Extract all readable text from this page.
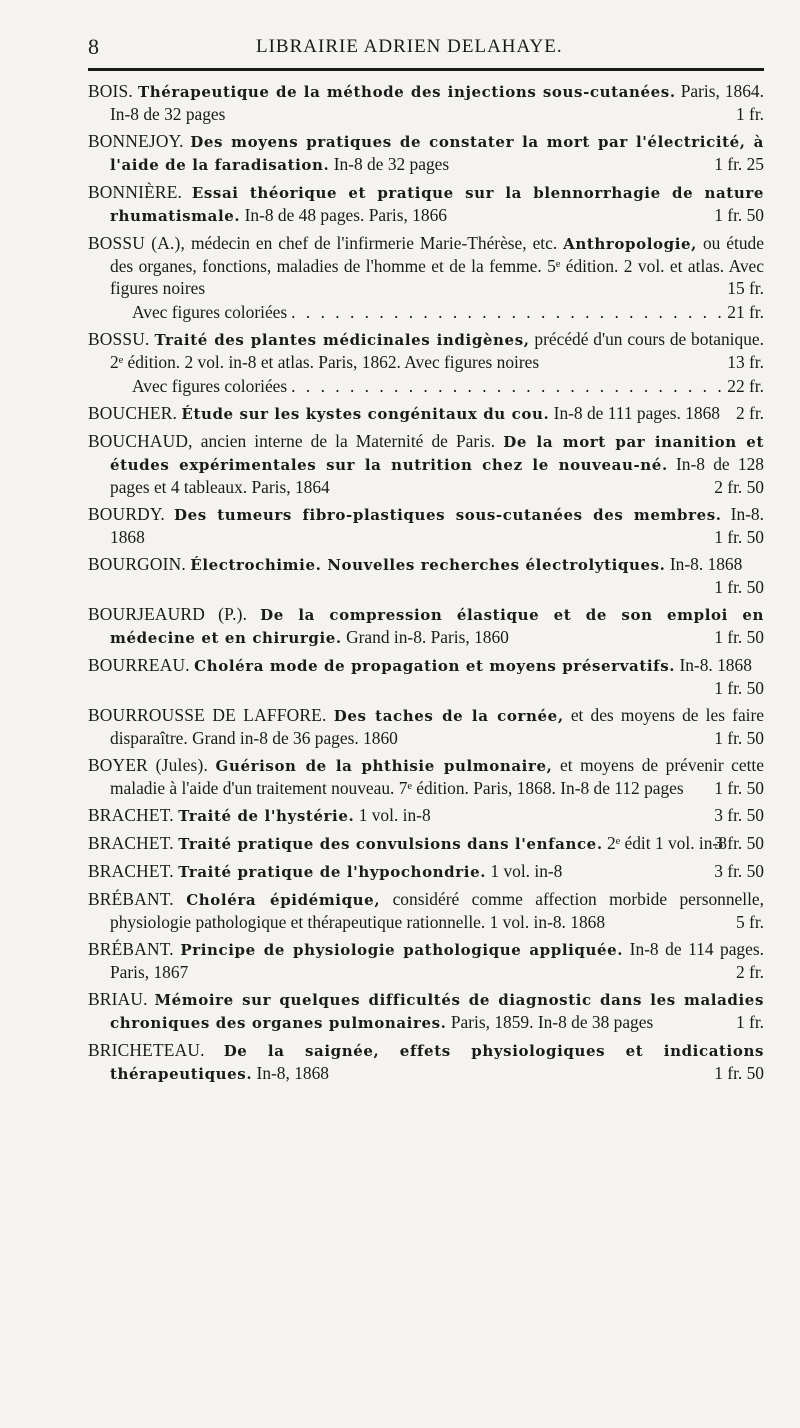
8	LIBRAIRIE ADRIEN DELAHAYE.
BOIS. Thérapeutique de la méthode des injections sous-cutanées. Paris, 1864. In-8 de 32 pages	1 fr.
BONNEJOY. Des moyens pratiques de constater la mort par l'électricité, à l'aide de la faradisation. In-8 de 32 pages	1 fr. 25
BONNIÈRE. Essai théorique et pratique sur la blennorrhagie de nature rhumatismale. In-8 de 48 pages. Paris, 1866	1 fr. 50
BOSSU (A.), médecin en chef de l'infirmerie Marie-Thérèse, etc. Anthropologie, ou étude des organes, fonctions, maladies de l'homme et de la femme. 5ᵉ édition. 2 vol. et atlas. Avec figures noires	15 fr.
Avec figures coloriées . . .	21 fr.
BOSSU. Traité des plantes médicinales indigènes, précédé d'un cours de botanique. 2ᵉ édition. 2 vol. in-8 et atlas. Paris, 1862. Avec figures noires	13 fr.
Avec figures coloriées . . .	22 fr.
BOUCHER. Étude sur les kystes congénitaux du cou. In-8 de 111 pages. 1868 2 fr.
BOUCHAUD, ancien interne de la Maternité de Paris. De la mort par inanition et études expérimentales sur la nutrition chez le nouveau-né. In-8 de 128 pages et 4 tableaux. Paris, 1864	2 fr. 50
BOURDY. Des tumeurs fibro-plastiques sous-cutanées des membres. In-8. 1868	1 fr. 50
BOURGOIN. Électrochimie. Nouvelles recherches électrolytiques. In-8. 1868
1 fr. 50
BOURJEAURD (P.). De la compression élastique et de son emploi en médecine et en chirurgie. Grand in-8. Paris, 1860	1 fr. 50
BOURREAU. Choléra mode de propagation et moyens préservatifs. In-8. 1868
1 fr. 50
BOURROUSSE DE LAFFORE. Des taches de la cornée, et des moyens de les faire disparaître. Grand in-8 de 36 pages. 1860	1 fr. 50
BOYER (Jules). Guérison de la phthisie pulmonaire, et moyens de prévenir cette maladie à l'aide d'un traitement nouveau. 7ᵉ édition. Paris, 1868. In-8 de 112 pages 1 fr. 50
BRACHET. Traité de l'hystérie. 1 vol. in-8	3 fr. 50
BRACHET. Traité pratique des convulsions dans l'enfance. 2ᵉ édit 1 vol. in-8
3 fr. 50
BRACHET. Traité pratique de l'hypochondrie. 1 vol. in-8	3 fr. 50
BRÉBANT. Choléra épidémique, considéré comme affection morbide personnelle, physiologie pathologique et thérapeutique rationnelle. 1 vol. in-8. 1868	5 fr.
BRÉBANT. Principe de physiologie pathologique appliquée. In-8 de 114 pages. Paris, 1867	2 fr.
BRIAU. Mémoire sur quelques difficultés de diagnostic dans les maladies chroniques des organes pulmonaires. Paris, 1859. In-8 de 38 pages	1 fr.
BRICHETEAU. De la saignée, effets physiologiques et indications thérapeutiques. In-8, 1868	1 fr. 50
